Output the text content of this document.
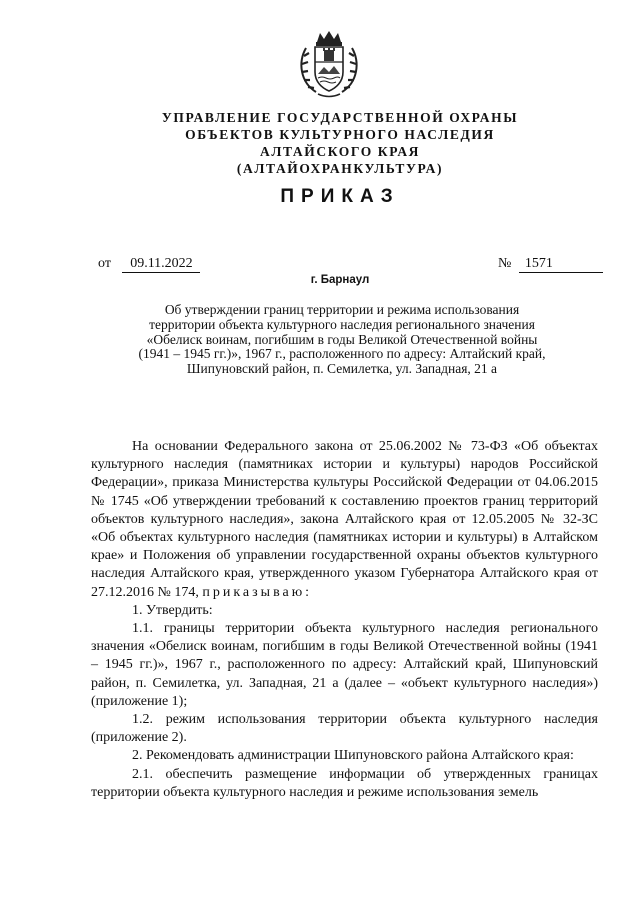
УПРАВЛЕНИЕ ГОСУДАРСТВЕННОЙ ОХРАНЫ
ОБЪЕКТОВ КУЛЬТУРНОГО НАСЛЕДИЯ
АЛТАЙСКОГО КРАЯ
(АЛТАЙОХРАНКУЛЬТУРА)
ПРИКАЗ
от 09.11.2022	№ 1571
г. Барнаул
Об утверждении границ территории и режима использования территории объекта культурного наследия регионального значения «Обелиск воинам, погибшим в годы Великой Отечественной войны (1941 – 1945 гг.)», 1967 г., расположенного по адресу: Алтайский край, Шипуновский район, п. Семилетка, ул. Западная, 21 а

На основании Федерального закона от 25.06.2002 № 73-ФЗ «Об объектах культурного наследия (памятниках истории и культуры) народов Российской Федерации», приказа Министерства культуры Российской Федерации от 04.06.2015 № 1745 «Об утверждении требований к составлению проектов границ территорий объектов культурного наследия», закона Алтайского края от 12.05.2005 № 32-ЗС «Об объектах культурного наследия (памятниках истории и культуры) в Алтайском крае» и Положения об управлении государственной охраны объектов культурного наследия Алтайского края, утвержденного указом Губернатора Алтайского края от 27.12.2016 № 174, приказываю:

1. Утвердить:

1.1. границы территории объекта культурного наследия регионального значения «Обелиск воинам, погибшим в годы Великой Отечественной войны (1941 – 1945 гг.)», 1967 г., расположенного по адресу: Алтайский край, Шипуновский район, п. Семилетка, ул. Западная, 21 а (далее – «объект культурного наследия») (приложение 1);

1.2. режим использования территории объекта культурного наследия (приложение 2).

2. Рекомендовать администрации Шипуновского района Алтайского края:

2.1. обеспечить размещение информации об утвержденных границах территории объекта культурного наследия и режиме использования земель
